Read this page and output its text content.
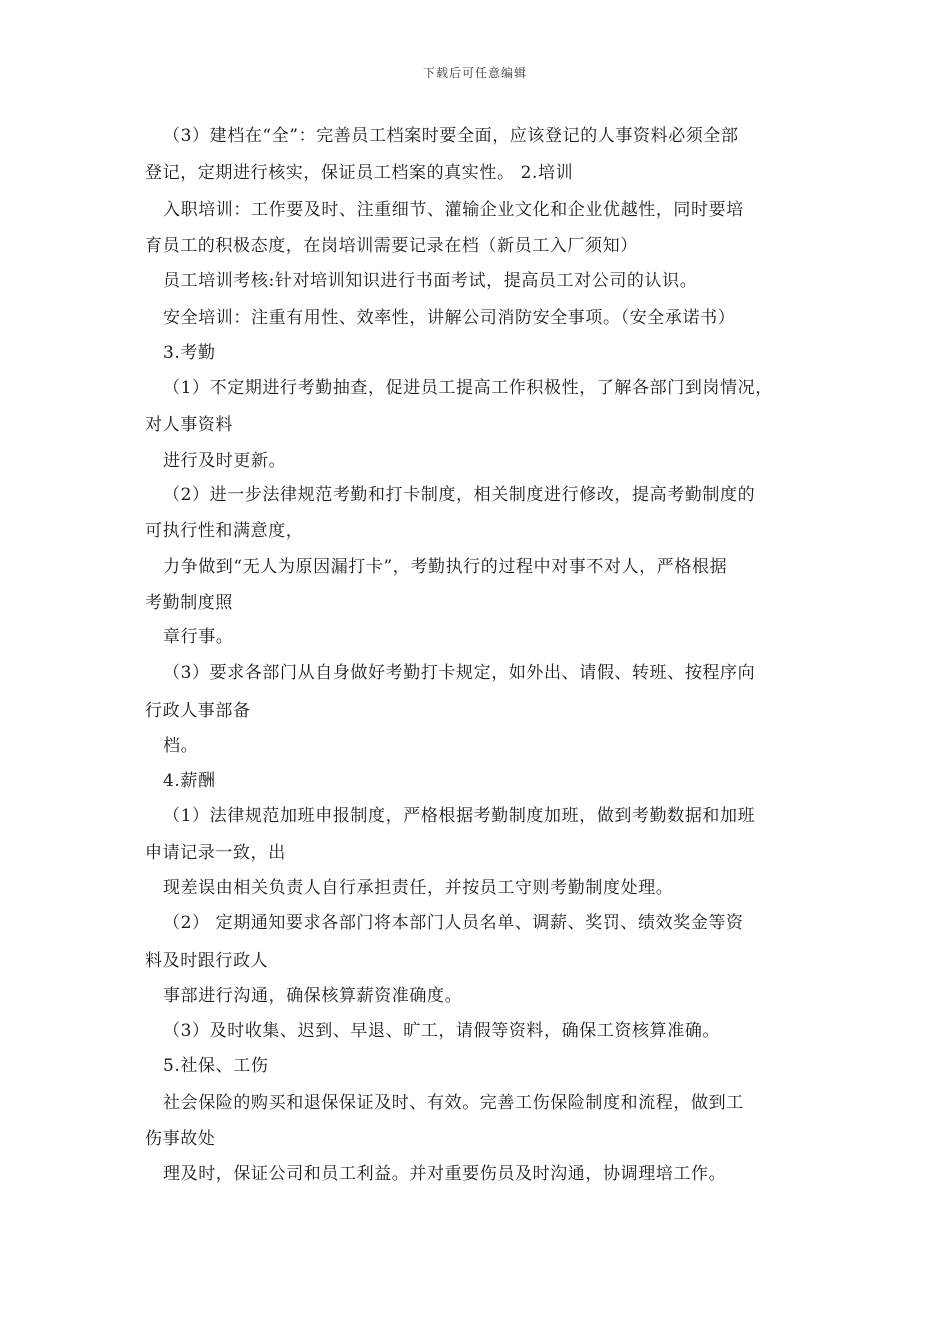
下载后可任意编辑
（3）建档在“全”：完善员工档案时要全面，应该登记的人事资料必须全部
登记，定期进行核实，保证员工档案的真实性。 2.培训
入职培训：工作要及时、注重细节、灌输企业文化和企业优越性，同时要培
育员工的积极态度，在岗培训需要记录在档（新员工入厂须知）
员工培训考核:针对培训知识进行书面考试，提高员工对公司的认识。
安全培训：注重有用性、效率性，讲解公司消防安全事项。（安全承诺书）
3.考勤
（1）不定期进行考勤抽查，促进员工提高工作积极性，了解各部门到岗情况，
对人事资料
进行及时更新。
（2）进一步法律规范考勤和打卡制度，相关制度进行修改，提高考勤制度的
可执行性和满意度，
力争做到“无人为原因漏打卡”，考勤执行的过程中对事不对人，严格根据
考勤制度照
章行事。
（3）要求各部门从自身做好考勤打卡规定，如外出、请假、转班、按程序向
行政人事部备
档。
4.薪酬
（1）法律规范加班申报制度，严格根据考勤制度加班，做到考勤数据和加班
申请记录一致，出
现差误由相关负责人自行承担责任，并按员工守则考勤制度处理。
（2） 定期通知要求各部门将本部门人员名单、调薪、奖罚、绩效奖金等资
料及时跟行政人
事部进行沟通，确保核算薪资准确度。
（3）及时收集、迟到、早退、旷工，请假等资料，确保工资核算准确。
5.社保、工伤
社会保险的购买和退保保证及时、有效。完善工伤保险制度和流程，做到工
伤事故处
理及时，保证公司和员工利益。并对重要伤员及时沟通，协调理培工作。
